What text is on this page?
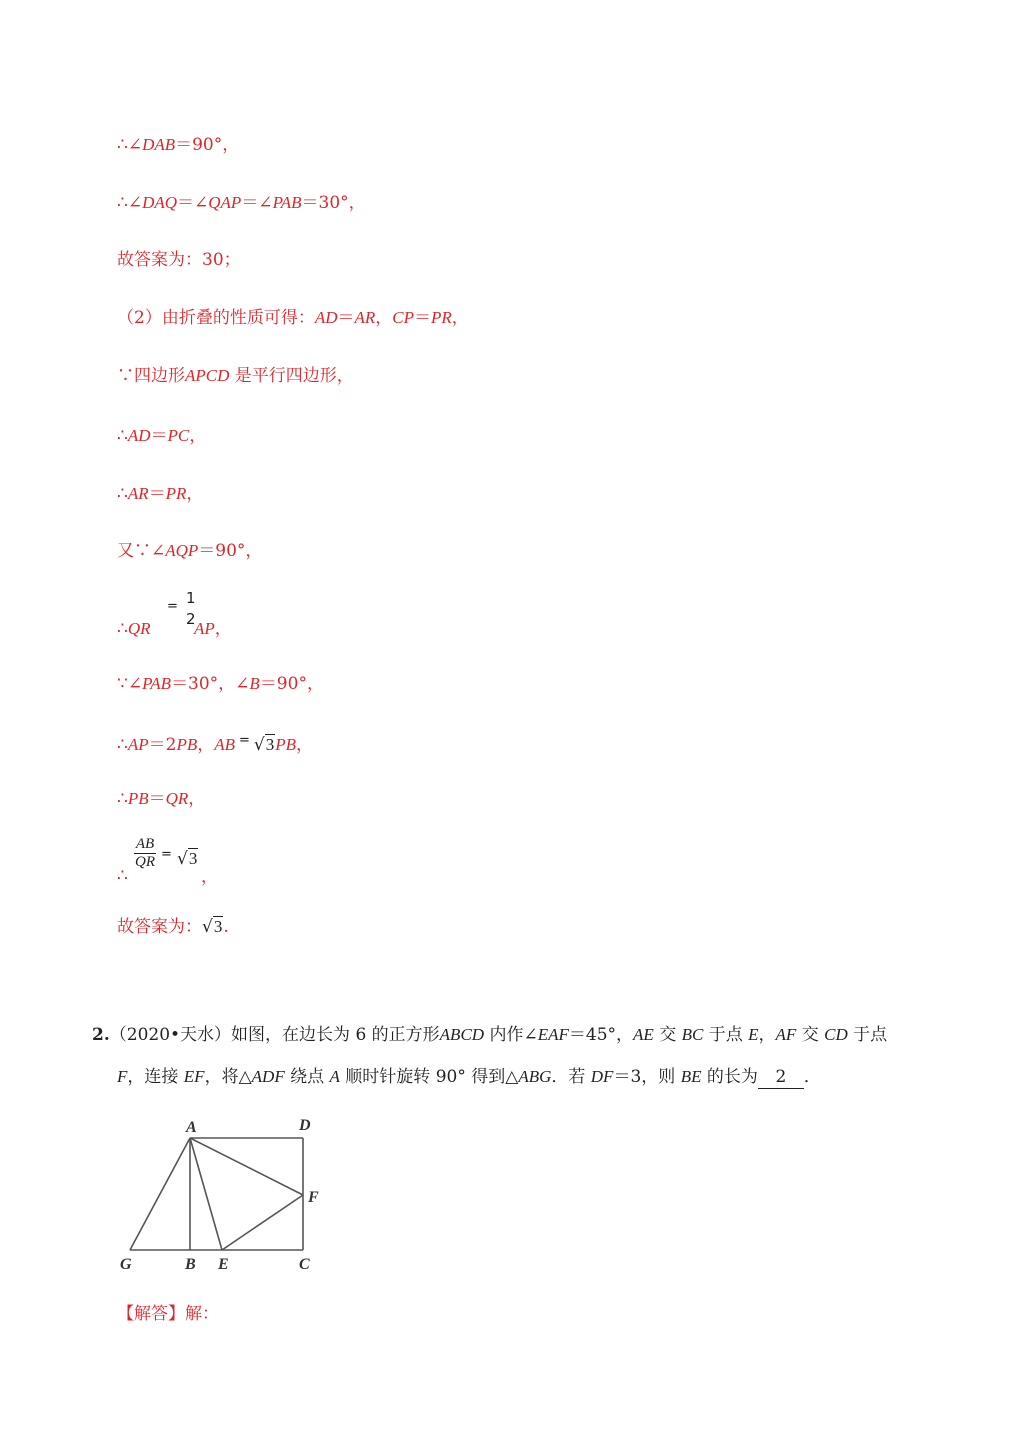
∴∠DAB＝90°，
∴∠DAQ＝∠QAP＝∠PAB＝30°，
故答案为：30；
（2）由折叠的性质可得：AD＝AR，CP＝PR，
∵四边形APCD 是平行四边形，
∴AD＝PC，
∴AR＝PR，
又∵∠AQP＝90°，
∴QR
= 1
2
AP，
∵∠PAB＝30°，∠B＝90°，
∴AP＝2PB，AB = √3PB，
∴PB＝QR，
∴
$\frac{AB}{QR} = √3$
，
故答案为：√3.
2.（2020•天水）如图，在边长为 6 的正方形ABCD 内作∠EAF＝45°，AE 交 BC 于点 E，AF 交 CD 于点
F，连接 EF，将△ADF 绕点 A 顺时针旋转 90° 得到△ABG．若 DF＝3，则 BE 的长为 2 ．
A	D
F
G	B E	C
【解答】解：
